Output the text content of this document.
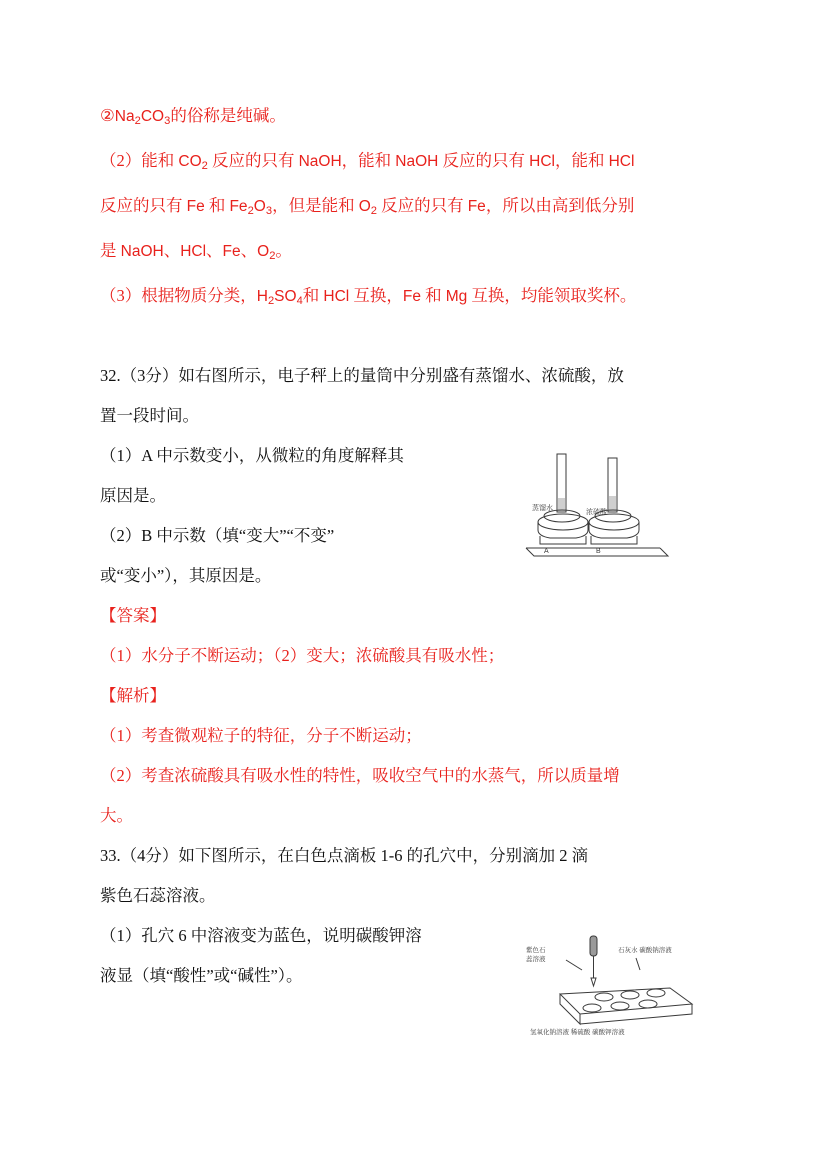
$②Na_2CO_3$的俗称是纯碱。
（2）能和 $CO_2$ 反应的只有 NaOH，能和 NaOH 反应的只有 HCl，能和 HCl
反应的只有 Fe 和 $Fe_2O_3$，但是能和 $O_2$ 反应的只有 Fe，所以由高到低分别
是 NaOH、HCl、Fe、$O_2$。
（3）根据物质分类，$H_2SO_4$和 HCl 互换，Fe 和 Mg 互换，均能领取奖杯。
32.（3分）如右图所示，电子秤上的量筒中分别盛有蒸馏水、浓硫酸，放
置一段时间。
（1）A 中示数变小，从微粒的角度解释其
原因是。
（2）B 中示数（填“变大”“不变”
或“变小”），其原因是。
【答案】
（1）水分子不断运动；（2）变大；浓硫酸具有吸水性；
【解析】
（1）考查微观粒子的特征，分子不断运动；
（2）考查浓硫酸具有吸水性的特性，吸收空气中的水蒸气，所以质量增
大。
33.（4分）如下图所示，在白色点滴板 1-6 的孔穴中，分别滴加 2 滴
紫色石蕊溶液。
（1）孔穴 6 中溶液变为蓝色，说明碳酸钾溶
液显（填“酸性”或“碱性”）。
蒸馏水
浓硫酸
A	B
紫色石
蕊溶液
石灰水 碳酸钠溶液
氢氧化钠溶液 稀硫酸 碳酸钾溶液
